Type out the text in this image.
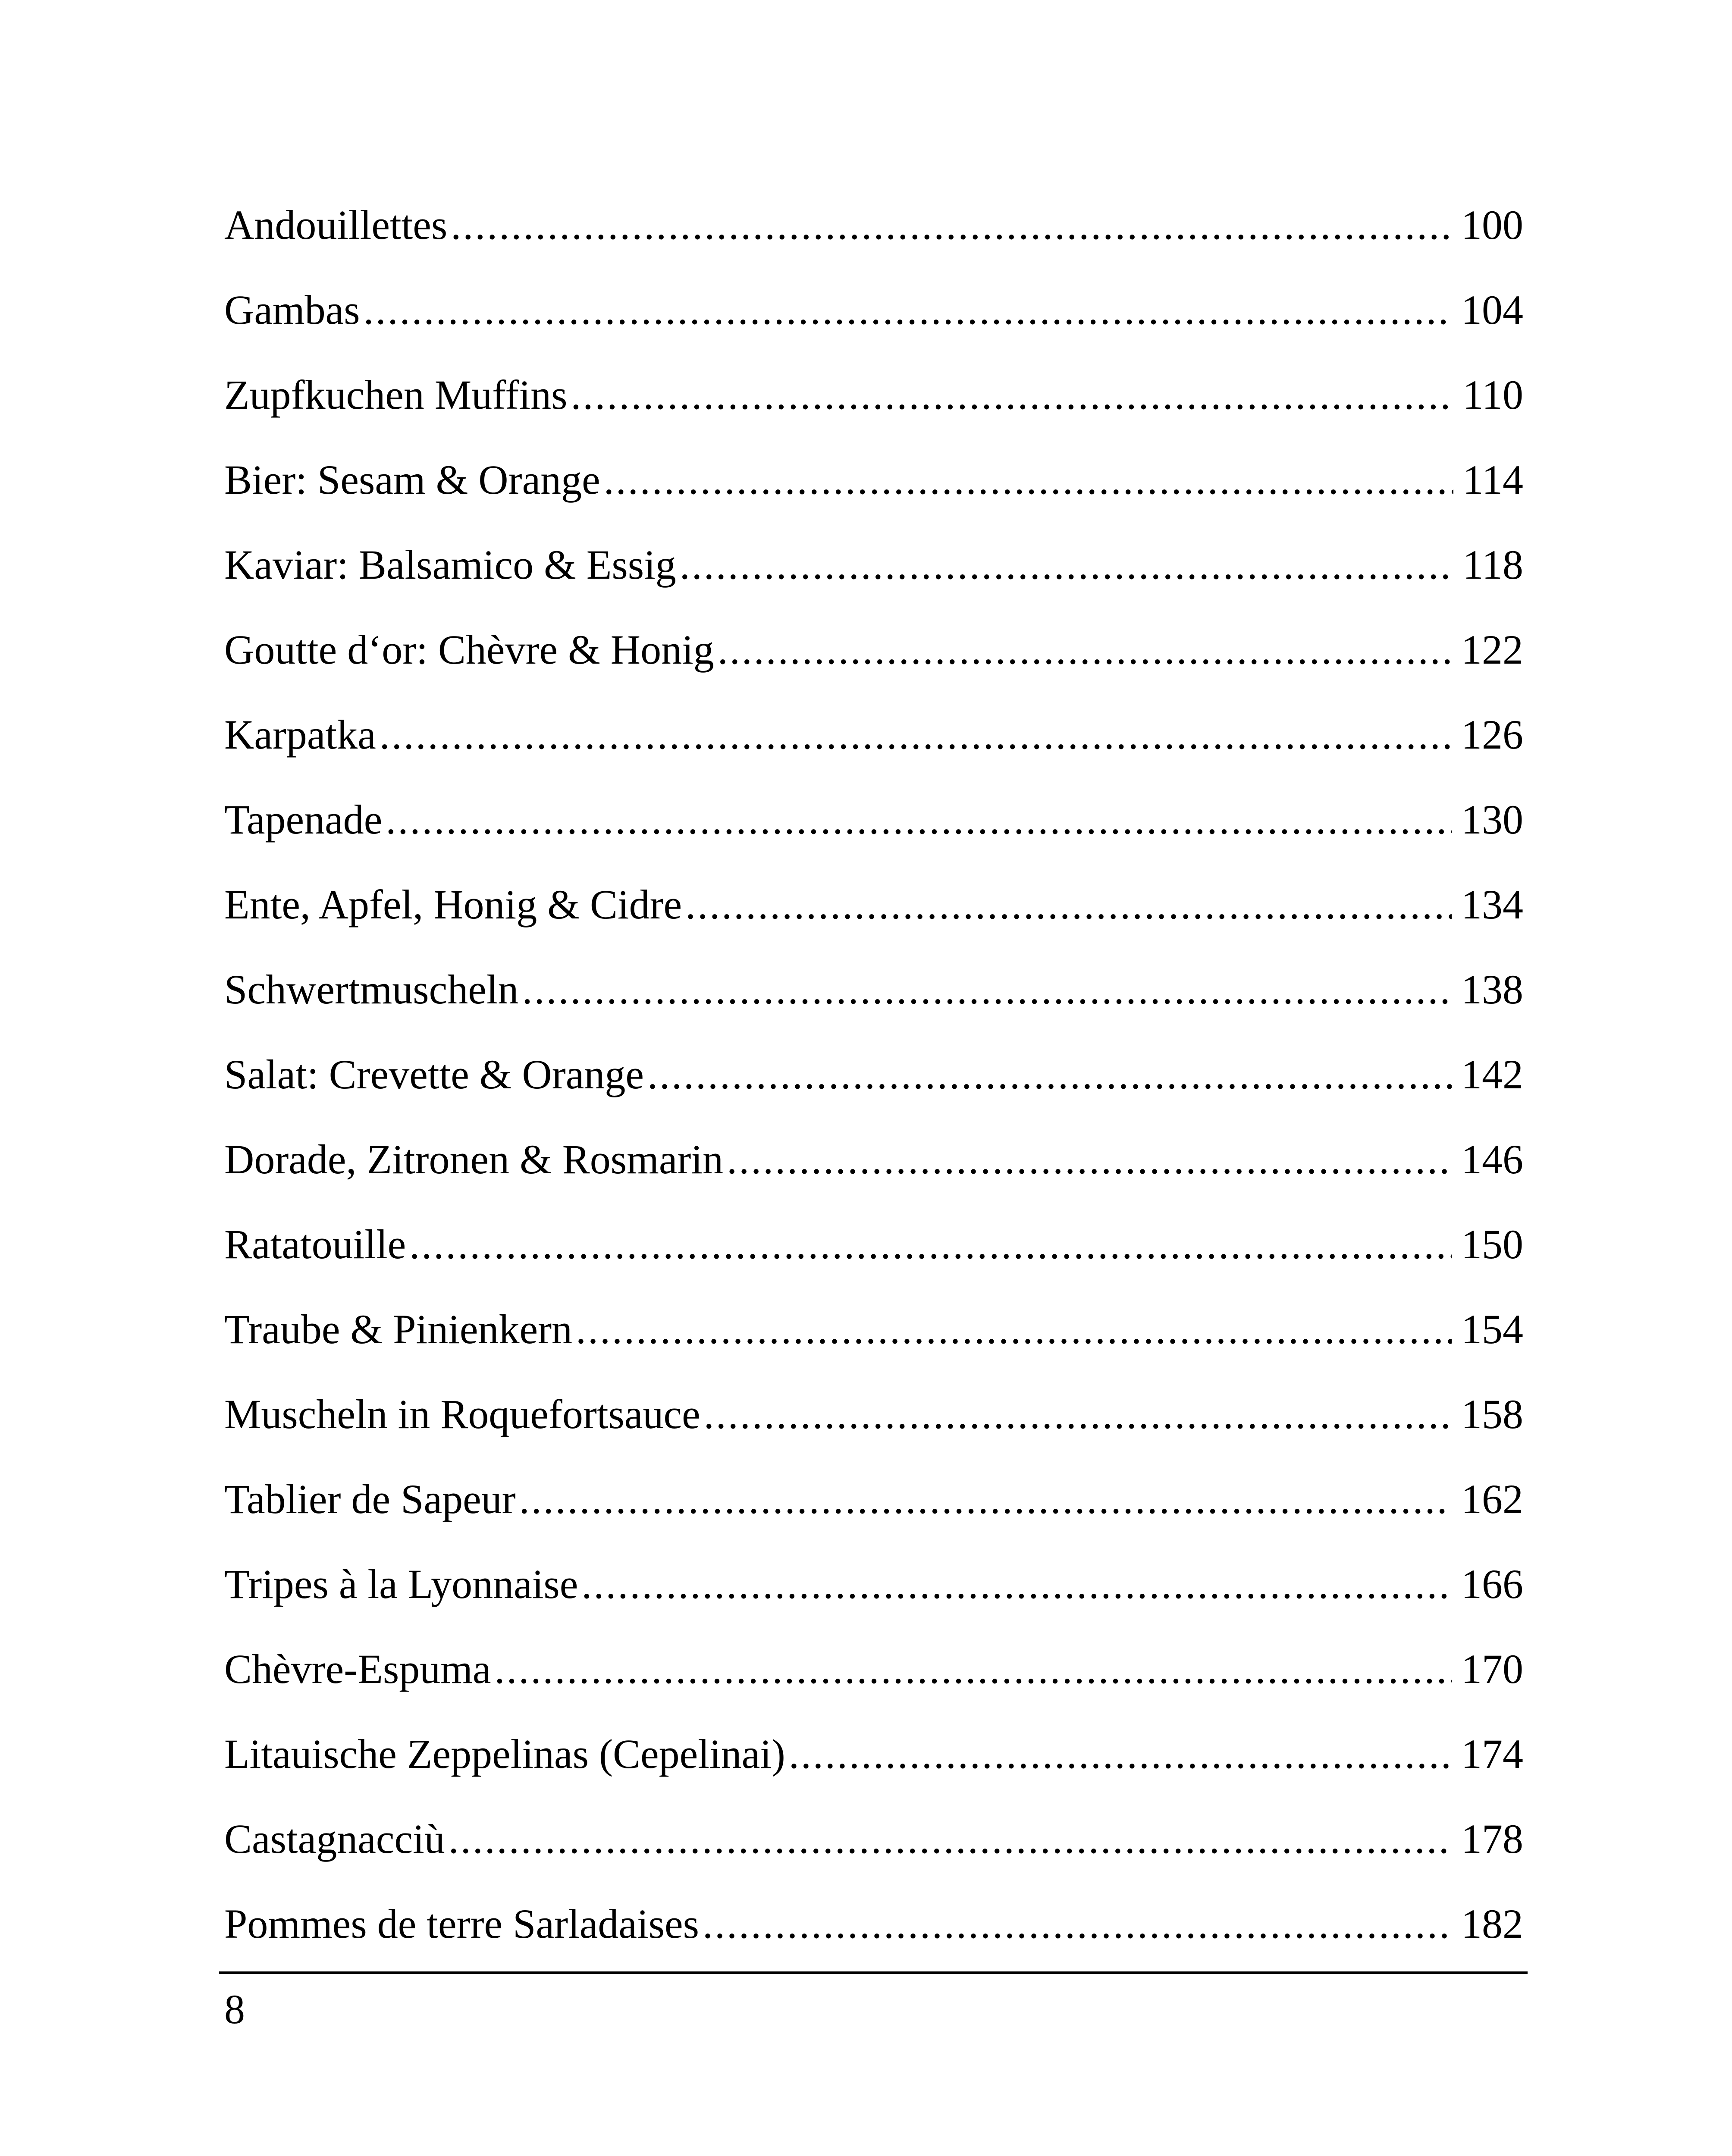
Andouillettes .....	100
Gambas .....	104
Zupfkuchen Muffins .....	110
Bier: Sesam & Orange .....	114
Kaviar: Balsamico & Essig .....	118
Goutte d‘or: Chèvre & Honig .....	122
Karpatka .....	126
Tapenade .....	130
Ente, Apfel, Honig & Cidre .....	134
Schwertmuscheln .....	138
Salat: Crevette & Orange .....	142
Dorade, Zitronen & Rosmarin .....	146
Ratatouille .....	150
Traube & Pinienkern .....	154
Muscheln in Roquefortsauce .....	158
Tablier de Sapeur .....	162
Tripes à la Lyonnaise .....	166
Chèvre-Espuma .....	170
Litauische Zeppelinas (Cepelinai) .....	174
Castagnacciù .....	178
Pommes de terre Sarladaises .....	182
8
